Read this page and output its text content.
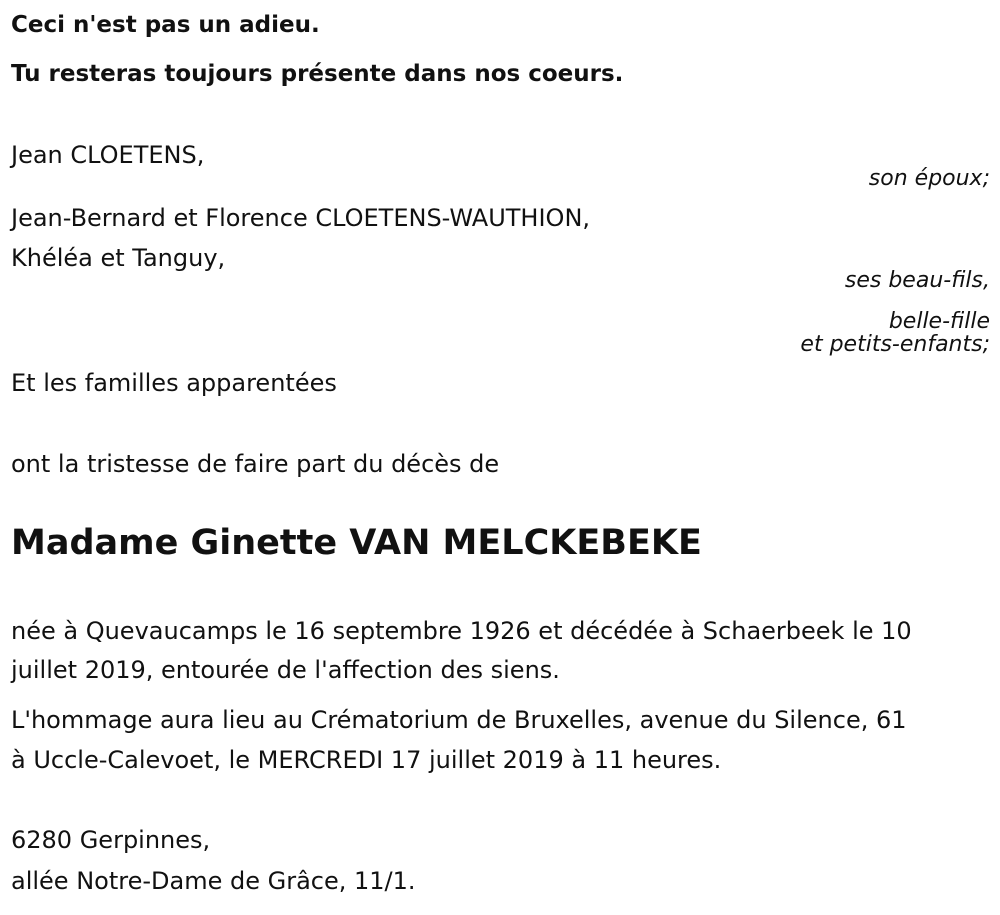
Ceci n'est pas un adieu.
Tu resteras toujours présente dans nos coeurs.
Jean CLOETENS,
son époux;
Jean-Bernard et Florence CLOETENS-WAUTHION,
Khéléa et Tanguy,
ses beau-fils,
belle-fille
et petits-enfants;
Et les familles apparentées
ont la tristesse de faire part du décès de
Madame Ginette VAN MELCKEBEKE
née à Quevaucamps le 16 septembre 1926 et décédée à Schaerbeek le 10
juillet 2019, entourée de l'affection des siens.
L'hommage aura lieu au Crématorium de Bruxelles, avenue du Silence, 61
à Uccle-Calevoet, le MERCREDI 17 juillet 2019 à 11 heures.
6280 Gerpinnes,
allée Notre-Dame de Grâce, 11/1.
